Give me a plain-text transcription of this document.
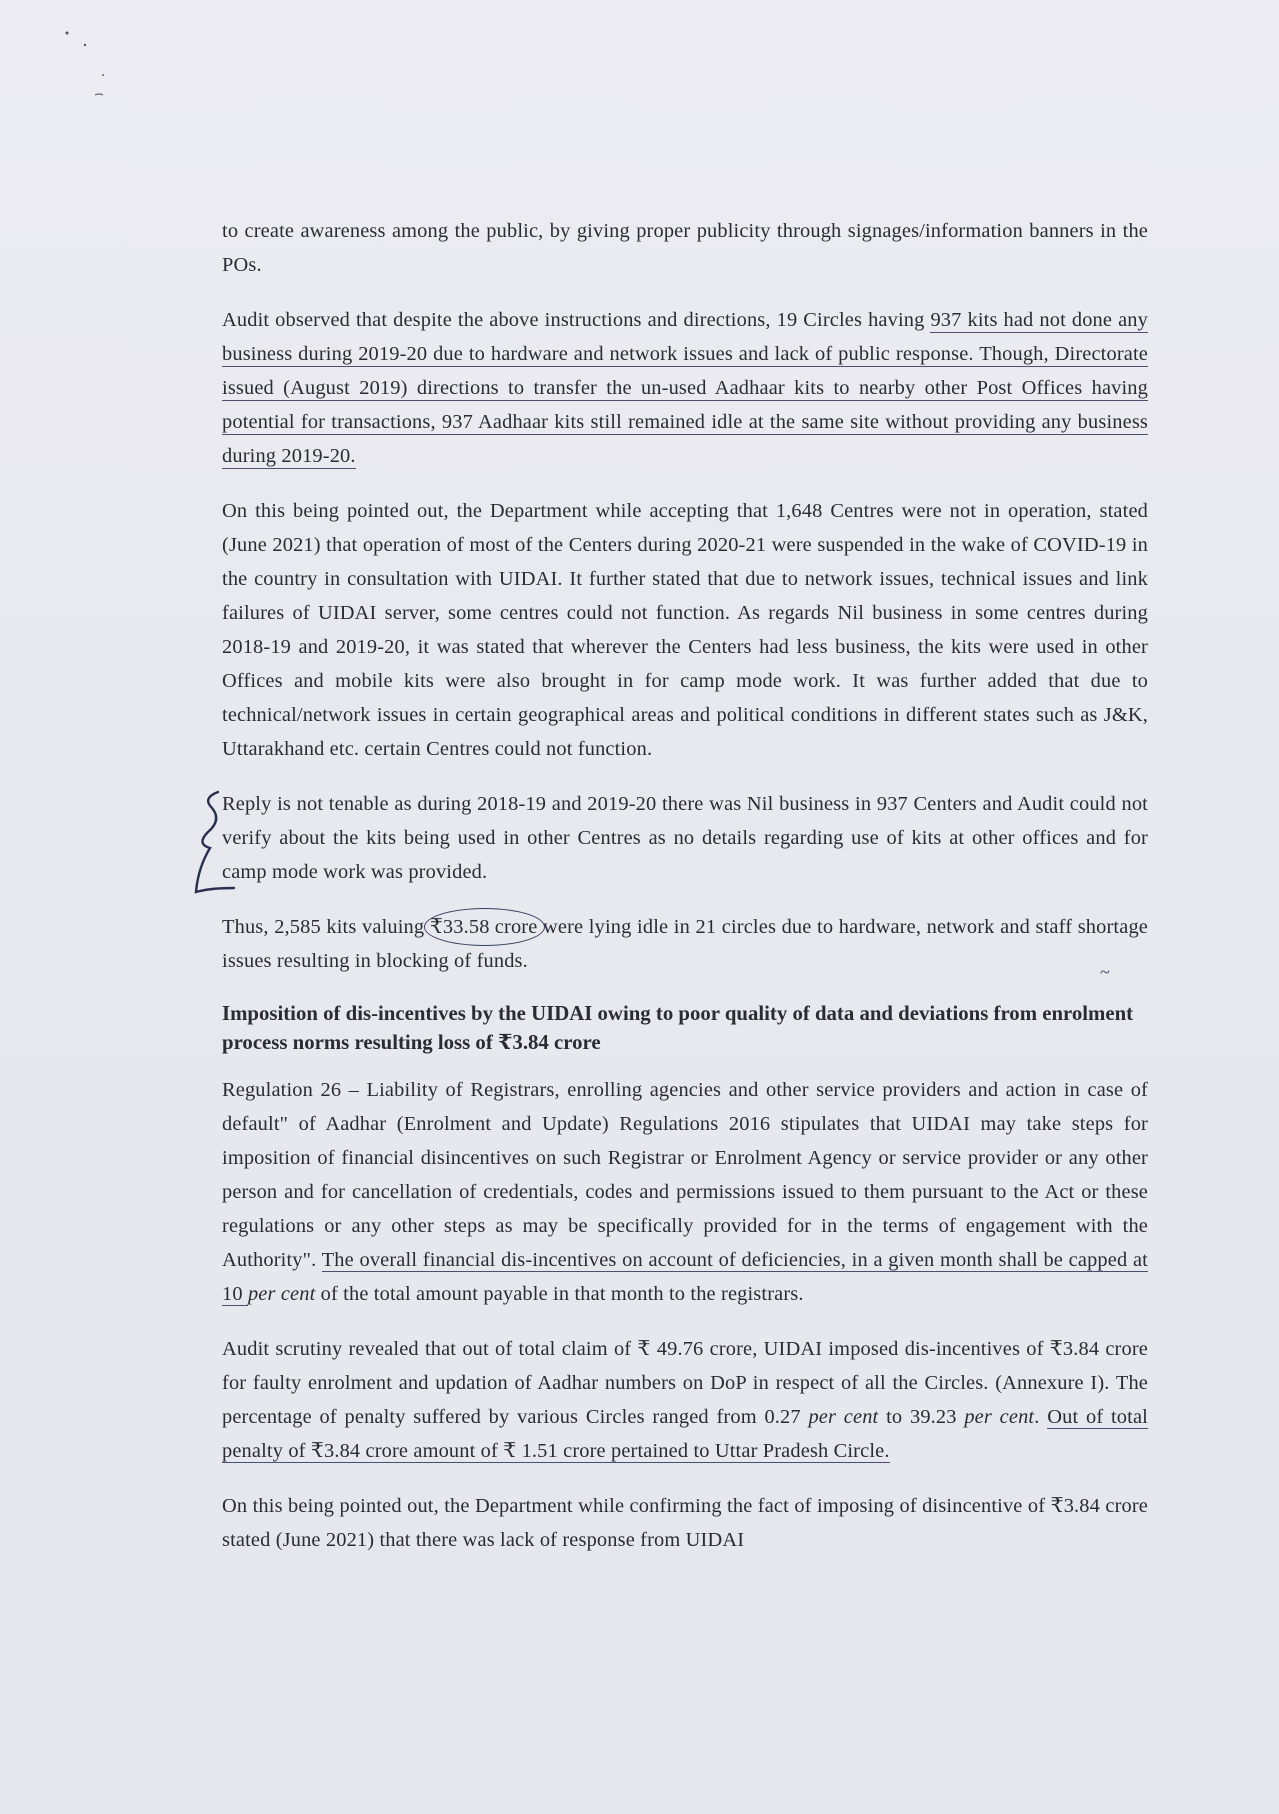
to create awareness among the public, by giving proper publicity through signages/information banners in the POs.

Audit observed that despite the above instructions and directions, 19 Circles having 937 kits had not done any business during 2019-20 due to hardware and network issues and lack of public response. Though, Directorate issued (August 2019) directions to transfer the un-used Aadhaar kits to nearby other Post Offices having potential for transactions, 937 Aadhaar kits still remained idle at the same site without providing any business during 2019-20.

On this being pointed out, the Department while accepting that 1,648 Centres were not in operation, stated (June 2021) that operation of most of the Centers during 2020-21 were suspended in the wake of COVID-19 in the country in consultation with UIDAI. It further stated that due to network issues, technical issues and link failures of UIDAI server, some centres could not function. As regards Nil business in some centres during 2018-19 and 2019-20, it was stated that wherever the Centers had less business, the kits were used in other Offices and mobile kits were also brought in for camp mode work. It was further added that due to technical/network issues in certain geographical areas and political conditions in different states such as J&K, Uttarakhand etc. certain Centres could not function.

Reply is not tenable as during 2018-19 and 2019-20 there was Nil business in 937 Centers and Audit could not verify about the kits being used in other Centres as no details regarding use of kits at other offices and for camp mode work was provided.

Thus, 2,585 kits valuing ₹33.58 crore were lying idle in 21 circles due to hardware, network and staff shortage issues resulting in blocking of funds.

Imposition of dis-incentives by the UIDAI owing to poor quality of data and deviations from enrolment process norms resulting loss of ₹3.84 crore

Regulation 26 – Liability of Registrars, enrolling agencies and other service providers and action in case of default" of Aadhar (Enrolment and Update) Regulations 2016 stipulates that UIDAI may take steps for imposition of financial disincentives on such Registrar or Enrolment Agency or service provider or any other person and for cancellation of credentials, codes and permissions issued to them pursuant to the Act or these regulations or any other steps as may be specifically provided for in the terms of engagement with the Authority". The overall financial dis-incentives on account of deficiencies, in a given month shall be capped at 10 per cent of the total amount payable in that month to the registrars.

Audit scrutiny revealed that out of total claim of ₹ 49.76 crore, UIDAI imposed dis-incentives of ₹3.84 crore for faulty enrolment and updation of Aadhar numbers on DoP in respect of all the Circles. (Annexure I). The percentage of penalty suffered by various Circles ranged from 0.27 per cent to 39.23 per cent. Out of total penalty of ₹3.84 crore amount of ₹ 1.51 crore pertained to Uttar Pradesh Circle.

On this being pointed out, the Department while confirming the fact of imposing of disincentive of ₹3.84 crore stated (June 2021) that there was lack of response from UIDAI

~
